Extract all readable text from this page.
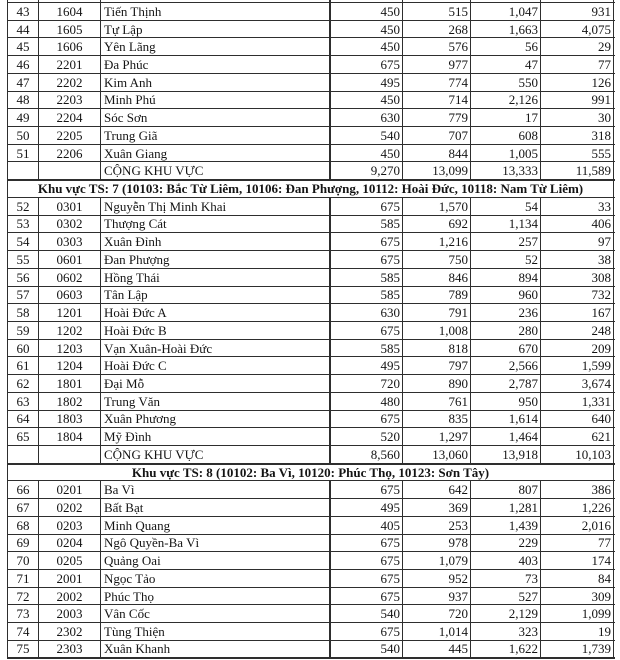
43	1604	Tiến Thịnh	450	515	1,047	931
44	1605	Tự Lập	450	268	1,663	4,075
45	1606	Yên Lãng	450	576	56	29
46	2201	Đa Phúc	675	977	47	77
47	2202	Kim Anh	495	774	550	126
48	2203	Minh Phú	450	714	2,126	991
49	2204	Sóc Sơn	630	779	17	30
50	2205	Trung Giã	540	707	608	318
51	2206	Xuân Giang	450	844	1,005	555
CỘNG KHU VỰC	9,270	13,099	13,333	11,589
Khu vực TS: 7 (10103: Bắc Từ Liêm, 10106: Đan Phượng, 10112: Hoài Đức, 10118: Nam Từ Liêm)
52	0301	Nguyễn Thị Minh Khai	675	1,570	54	33
53	0302	Thượng Cát	585	692	1,134	406
54	0303	Xuân Đỉnh	675	1,216	257	97
55	0601	Đan Phượng	675	750	52	38
56	0602	Hồng Thái	585	846	894	308
57	0603	Tân Lập	585	789	960	732
58	1201	Hoài Đức A	630	791	236	167
59	1202	Hoài Đức B	675	1,008	280	248
60	1203	Vạn Xuân-Hoài Đức	585	818	670	209
61	1204	Hoài Đức C	495	797	2,566	1,599
62	1801	Đại Mỗ	720	890	2,787	3,674
63	1802	Trung Văn	480	761	950	1,331
64	1803	Xuân Phương	675	835	1,614	640
65	1804	Mỹ Đình	520	1,297	1,464	621
CỘNG KHU VỰC	8,560	13,060	13,918	10,103
Khu vực TS: 8 (10102: Ba Vì, 10120: Phúc Thọ, 10123: Sơn Tây)
66	0201	Ba Vì	675	642	807	386
67	0202	Bất Bạt	495	369	1,281	1,226
68	0203	Minh Quang	405	253	1,439	2,016
69	0204	Ngô Quyền-Ba Vì	675	978	229	77
70	0205	Quảng Oai	675	1,079	403	174
71	2001	Ngọc Tảo	675	952	73	84
72	2002	Phúc Thọ	675	937	527	309
73	2003	Vân Cốc	540	720	2,129	1,099
74	2302	Tùng Thiện	675	1,014	323	19
75	2303	Xuân Khanh	540	445	1,622	1,739
